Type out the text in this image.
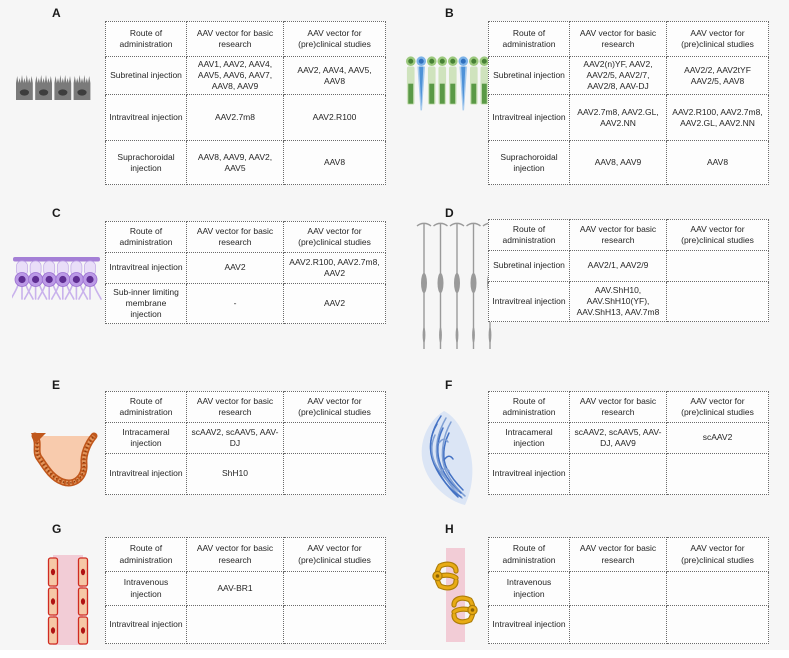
A
Route of administration	AAV vector for basic research	AAV vector for (pre)clinical studies
Subretinal injection	AAV1, AAV2, AAV4, AAV5, AAV6, AAV7, AAV8, AAV9	AAV2, AAV4, AAV5, AAV8
Intravitreal injection	AAV2.7m8	AAV2.R100
Suprachoroidal injection	AAV8, AAV9, AAV2, AAV5	AAV8
B
Route of administration	AAV vector for basic research	AAV vector for (pre)clinical studies
Subretinal injection	AAV2(n)YF, AAV2, AAV2/5, AAV2/7, AAV2/8, AAV-DJ	AAV2/2, AAV2tYF AAV2/5, AAV8
Intravitreal injection	AAV2.7m8, AAV2.GL, AAV2.NN	AAV2.R100, AAV2.7m8, AAV2.GL, AAV2.NN
Suprachoroidal injection	AAV8, AAV9	AAV8
C
Route of administration	AAV vector for basic research	AAV vector for (pre)clinical studies
Intravitreal injection	AAV2	AAV2.R100, AAV2.7m8, AAV2
Sub-inner limiting membrane injection	-	AAV2
D
Route of administration	AAV vector for basic research	AAV vector for (pre)clinical studies
Subretinal injection	AAV2/1, AAV2/9	
Intravitreal injection	AAV.ShH10, AAV.ShH10(YF), AAV.ShH13, AAV.7m8	
E
Route of administration	AAV vector for basic research	AAV vector for (pre)clinical studies
Intracameral injection	scAAV2, scAAV5, AAV-DJ	
Intravitreal injection	ShH10	
F
Route of administration	AAV vector for basic research	AAV vector for (pre)clinical studies
Intracameral injection	scAAV2, scAAV5, AAV-DJ, AAV9	scAAV2
Intravitreal injection		
G
Route of administration	AAV vector for basic research	AAV vector for (pre)clinical studies
Intravenous injection	AAV-BR1	
Intravitreal injection		
H
Route of administration	AAV vector for basic research	AAV vector for (pre)clinical studies
Intravenous injection		
Intravitreal injection		
